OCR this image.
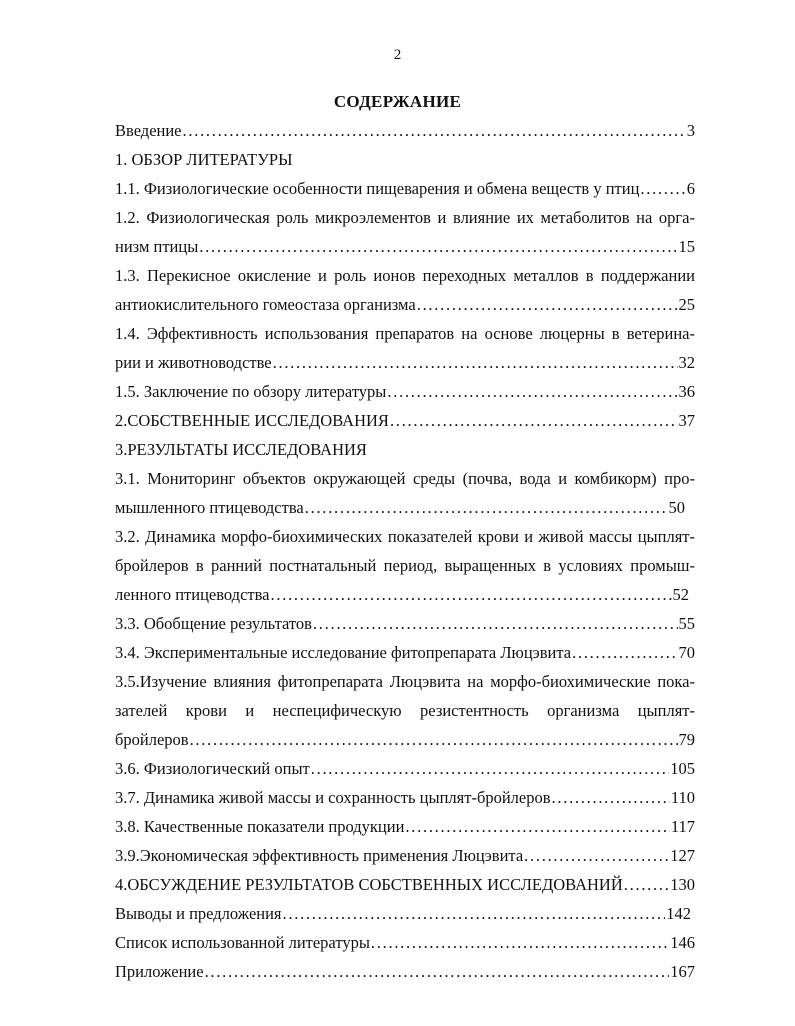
2
СОДЕРЖАНИЕ
Введение . . .	3
1. ОБЗОР ЛИТЕРАТУРЫ
1.1. Физиологические особенности пищеварения и обмена веществ у птиц . . .	6
1.2. Физиологическая роль микроэлементов и влияние их метаболитов на орга-
низм птицы . . .	15
1.3. Перекисное окисление и роль ионов переходных металлов в поддержании
антиокислительного гомеостаза организма . . .	25
1.4. Эффективность использования препаратов на основе люцерны в ветерина-
рии и животноводстве . . .	32
1.5. Заключение по обзору литературы . . .	36
2.СОБСТВЕННЫЕ ИССЛЕДОВАНИЯ . . .	37
3.РЕЗУЛЬТАТЫ ИССЛЕДОВАНИЯ
3.1. Мониторинг объектов окружающей среды (почва, вода и комбикорм) про-
мышленного птицеводства . . .	50
3.2. Динамика морфо-биохимических показателей крови и живой массы цыплят-
бройлеров в ранний постнатальный период, выращенных в условиях промыш-
ленного птицеводства . . .	52
3.3. Обобщение результатов . . .	55
3.4. Экспериментальные исследование фитопрепарата Люцэвита . . .	70
3.5.Изучение влияния фитопрепарата Люцэвита на морфо-биохимические пока-
зателей крови и неспецифическую резистентность организма цыплят-
бройлеров . . .	79
3.6. Физиологический опыт . . .	105
3.7. Динамика живой массы и сохранность цыплят-бройлеров . . .	110
3.8. Качественные показатели продукции . . .	117
3.9.Экономическая эффективность применения Люцэвита . . .	127
4.ОБСУЖДЕНИЕ РЕЗУЛЬТАТОВ СОБСТВЕННЫХ ИССЛЕДОВАНИЙ . . .	130
Выводы и предложения . . .	142
Список использованной литературы . . .	146
Приложение . . .	167
